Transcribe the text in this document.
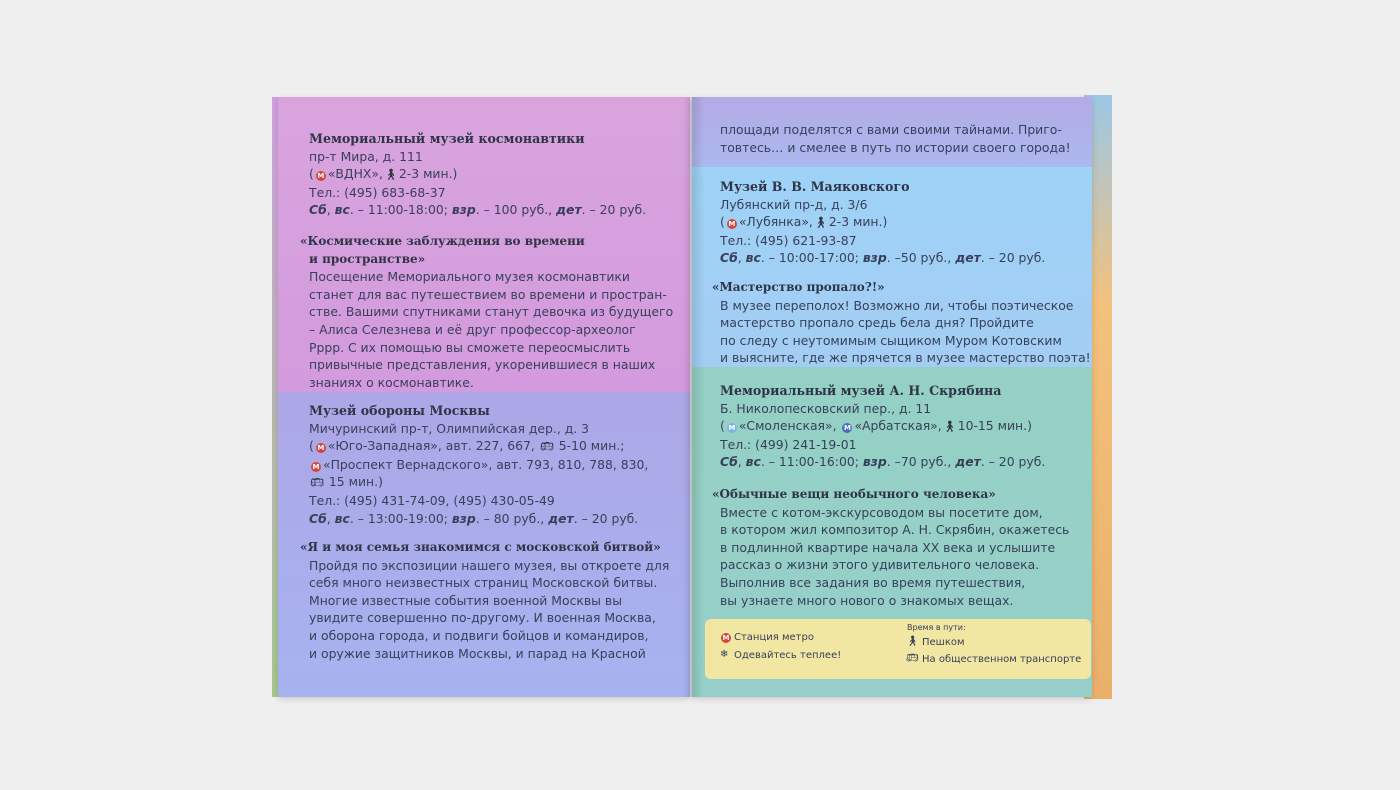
Мемориальный музей космонавтики
пр-т Мира, д. 111
( M «ВДНХ»,🚶︎2-3 мин.)
Тел.: (495) 683-68-37
Сб, вс. – 11:00-18:00; взр. – 100 руб., дет. – 20 руб.
«Космические заблуждения во времени
и пространстве»
Посещение Мемориального музея космонавтики
станет для вас путешествием во времени и простран-
стве. Вашими спутниками станут девочка из будущего
– Алиса Селезнева и её друг профессор-археолог
Рррр. С их помощью вы сможете переосмыслить
привычные представления, укоренившиеся в наших
знаниях о космонавтике.
Музей обороны Москвы
Мичуринский пр-т, Олимпийская дер., д. 3
( M «Юго-Западная», авт. 227, 667, 🚌︎ 5-10 мин.;
M «Проспект Вернадского», авт. 793, 810, 788, 830,
🚌︎ 15 мин.)
Тел.: (495) 431-74-09, (495) 430-05-49
Сб, вс. – 13:00-19:00; взр. – 80 руб., дет. – 20 руб.
«Я и моя семья знакомимся с московской битвой»
Пройдя по экспозиции нашего музея, вы откроете для
себя много неизвестных страниц Московской битвы.
Многие известные события военной Москвы вы
увидите совершенно по-другому. И военная Москва,
и оборона города, и подвиги бойцов и командиров,
и оружие защитников Москвы, и парад на Красной
площади поделятся с вами своими тайнами. Приго-
товтесь… и смелее в путь по истории своего города!
Музей В. В. Маяковского
Лубянский пр-д, д. 3/6
( M «Лубянка»,🚶︎2-3 мин.)
Тел.: (495) 621-93-87
Сб, вс. – 10:00-17:00; взр. –50 руб., дет. – 20 руб.
«Мастерство пропало?!»
В музее переполох! Возможно ли, чтобы поэтическое
мастерство пропало средь бела дня? Пройдите
по следу с неутомимым сыщиком Муром Котовским
и выясните, где же прячется в музее мастерство поэта!
Мемориальный музей А. Н. Скрябина
Б. Николопесковский пер., д. 11
( M «Смоленская», M «Арбатская»,🚶︎10-15 мин.)
Тел.: (499) 241-19-01
Сб, вс. – 11:00-16:00; взр. –70 руб., дет. – 20 руб.
«Обычные вещи необычного человека»
Вместе с котом-экскурсоводом вы посетите дом,
в котором жил композитор А. Н. Скрябин, окажетесь
в подлинной квартире начала XX века и услышите
рассказ о жизни этого удивительного человека.
Выполнив все задания во время путешествия,
вы узнаете много нового о знакомых вещах.
M Станция метро
❄ Одевайтесь теплее!
Время в пути:
🚶︎ Пешком
🚌︎ На общественном транспорте
